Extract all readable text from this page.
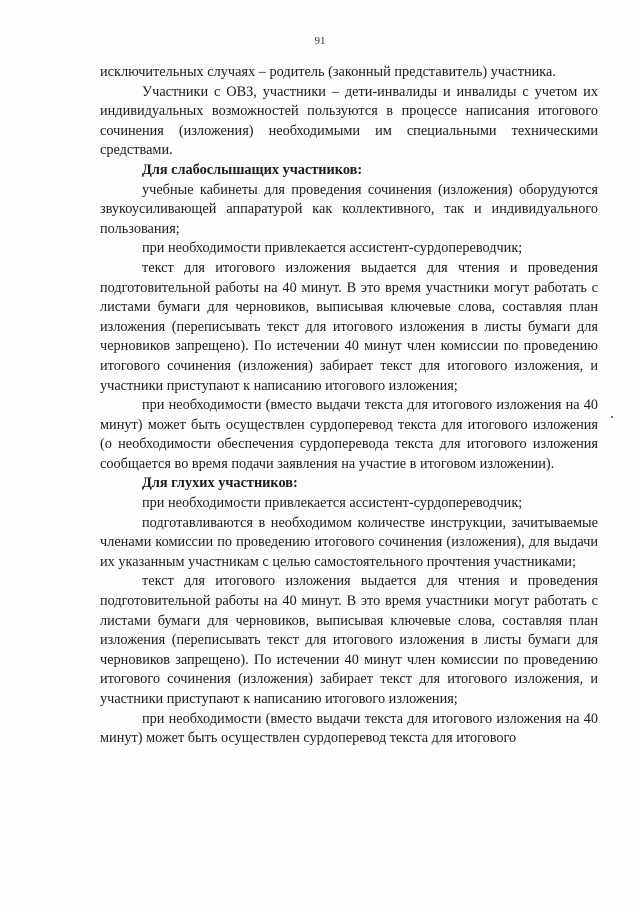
91

исключительных случаях – родитель (законный представитель) участника.

Участники с ОВЗ, участники – дети-инвалиды и инвалиды с учетом их индивидуальных возможностей пользуются в процессе написания итогового сочинения (изложения) необходимыми им специальными техническими средствами.

Для слабослышащих участников:

учебные кабинеты для проведения сочинения (изложения) оборудуются звукоусиливающей аппаратурой как коллективного, так и индивидуального пользования;

при необходимости привлекается ассистент-сурдопереводчик;

текст для итогового изложения выдается для чтения и проведения подготовительной работы на 40 минут. В это время участники могут работать с листами бумаги для черновиков, выписывая ключевые слова, составляя план изложения (переписывать текст для итогового изложения в листы бумаги для черновиков запрещено). По истечении 40 минут член комиссии по проведению итогового сочинения (изложения) забирает текст для итогового изложения, и участники приступают к написанию итогового изложения;

при необходимости (вместо выдачи текста для итогового изложения на 40 минут) может быть осуществлен сурдоперевод текста для итогового изложения (о необходимости обеспечения сурдоперевода текста для итогового изложения сообщается во время подачи заявления на участие в итоговом изложении).

Для глухих участников:

при необходимости привлекается ассистент-сурдопереводчик;

подготавливаются в необходимом количестве инструкции, зачитываемые членами комиссии по проведению итогового сочинения (изложения), для выдачи их указанным участникам с целью самостоятельного прочтения участниками;

текст для итогового изложения выдается для чтения и проведения подготовительной работы на 40 минут. В это время участники могут работать с листами бумаги для черновиков, выписывая ключевые слова, составляя план изложения (переписывать текст для итогового изложения в листы бумаги для черновиков запрещено). По истечении 40 минут член комиссии по проведению итогового сочинения (изложения) забирает текст для итогового изложения, и участники приступают к написанию итогового изложения;

при необходимости (вместо выдачи текста для итогового изложения на 40 минут) может быть осуществлен сурдоперевод текста для итогового
